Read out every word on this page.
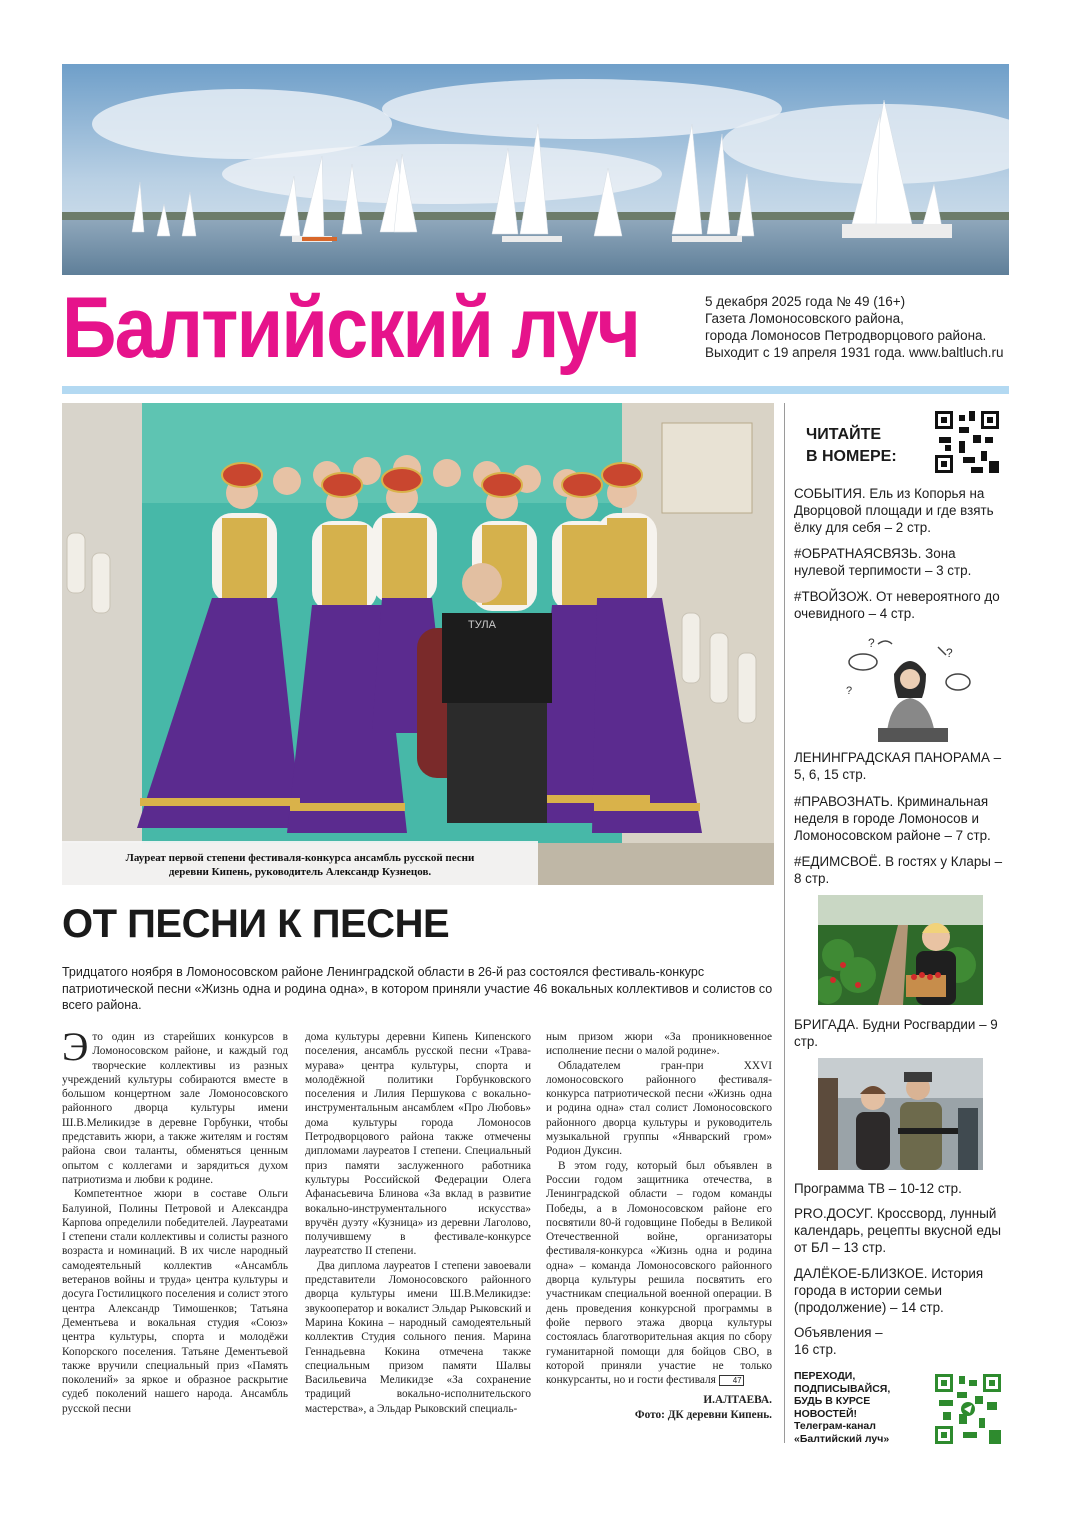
Балтийский луч	5 декабря 2025 года № 49 (16+)
Газета Ломоносовского района,
города Ломоносов Петродворцового района.
Выходит с 19 апреля 1931 года. www.baltluch.ru
ТУЛА
Лауреат первой степени фестиваля-конкурса ансамбль русской песни
деревни Кипень, руководитель Александр Кузнецов.
ОТ ПЕСНИ К ПЕСНЕ
Тридцатого ноября в Ломоносовском районе Ленинградской области в 26-й раз состоялся фестиваль-конкурс патриотической песни «Жизнь одна и родина одна», в котором приняли участие 46 вокальных коллективов и солистов со всего района.

Это один из старейших конкурсов в Ломоносовском районе, и каждый год творческие коллективы из разных учреждений культуры собираются вместе в большом концертном зале Ломоносовского районного дворца культуры имени Ш.В.Меликидзе в деревне Горбунки, чтобы представить жюри, а также жителям и гостям района свои таланты, обменяться ценным опытом с коллегами и зарядиться духом патриотизма и любви к родине.

Компетентное жюри в составе Ольги Балуиной, Полины Петровой и Александра Карпова определили победителей. Лауреатами I степени стали коллективы и солисты разного возраста и номинаций. В их числе народный самодеятельный коллектив «Ансамбль ветеранов войны и труда» центра культуры и досуга Гостилицкого поселения и солист этого центра Александр Тимошенков; Татьяна Дементьева и вокальная студия «Союз» центра культуры, спорта и молодёжи Копорского поселения. Татьяне Дементьевой также вручили специальный приз «Память поколений» за яркое и образное раскрытие судеб поколений нашего народа. Ансамбль русской песни

дома культуры деревни Кипень Кипенского поселения, ансамбль русской песни «Трава-мурава» центра культуры, спорта и молодёжной политики Горбунковского поселения и Лилия Першукова с вокально-инструментальным ансамблем «Про Любовь» дома культуры города Ломоносов Петродворцового района также отмечены дипломами лауреатов I степени. Специальный приз памяти заслуженного работника культуры Российской Федерации Олега Афанасьевича Блинова «За вклад в развитие вокально-инструментального искусства» вручён дуэту «Кузница» из деревни Лаголово, получившему в фестивале-конкурсе лауреатство II степени.

Два диплома лауреатов I степени завоевали представители Ломоносовского районного дворца культуры имени Ш.В.Меликидзе: звукооператор и вокалист Эльдар Рыковский и Марина Кокина – народный самодеятельный коллектив Студия сольного пения. Марина Геннадьевна Кокина отмечена также специальным призом памяти Шалвы Васильевича Меликидзе «За сохранение традиций вокально-исполнительского мастерства», а Эльдар Рыковский специаль-

ным призом жюри «За проникновенное исполнение песни о малой родине».

Обладателем гран-при XXVI ломоносовского районного фестиваля-конкурса патриотической песни «Жизнь одна и родина одна» стал солист Ломоносовского районного дворца культуры и руководитель музыкальной группы «Январский гром» Родион Дуксин.

В этом году, который был объявлен в России годом защитника отечества, в Ленинградской области – годом команды Победы, а в Ломоносовском районе его посвятили 80-й годовщине Победы в Великой Отечественной войне, организаторы фестиваля-конкурса «Жизнь одна и родина одна» – команда Ломоносовского районного дворца культуры решила посвятить его участникам специальной военной операции. В день проведения конкурсной программы в фойе первого этажа дворца культуры состоялась благотворительная акция по сбору гуманитарной помощи для бойцов СВО, в которой приняли участие не только конкурсанты, но и гости фестиваля 47

И.АЛТАЕВА.

Фото: ДК деревни Кипень.

ЧИТАЙТЕ
В НОМЕРЕ:
СОБЫТИЯ. Ель из Копорья на Дворцовой площади и где взять ёлку для себя – 2 стр.
#ОБРАТНАЯСВЯЗЬ. Зона нулевой терпимости – 3 стр.
#ТВОЙЗОЖ. От невероятного до очевидного – 4 стр.
?
?
?
ЛЕНИНГРАДСКАЯ ПАНОРАМА – 5, 6, 15 стр.
#ПРАВОЗНАТЬ. Криминальная неделя в городе Ломоносов и Ломоносовском районе – 7 стр.
#ЕДИМСВОЁ. В гостях у Клары – 8 стр.
БРИГАДА. Будни Росгвардии – 9 стр.
Программа ТВ – 10-12 стр.
PRO.ДОСУГ. Кроссворд, лунный календарь, рецепты вкусной еды от БЛ – 13 стр.
ДАЛЁКОЕ-БЛИЗКОЕ. История города в истории семьи (продолжение) – 14 стр.
Объявления – 16 стр.
ПЕРЕХОДИ,
ПОДПИСЫВАЙСЯ,
БУДЬ В КУРСЕ
НОВОСТЕЙ!
Телеграм-канал
«Балтийский луч»
